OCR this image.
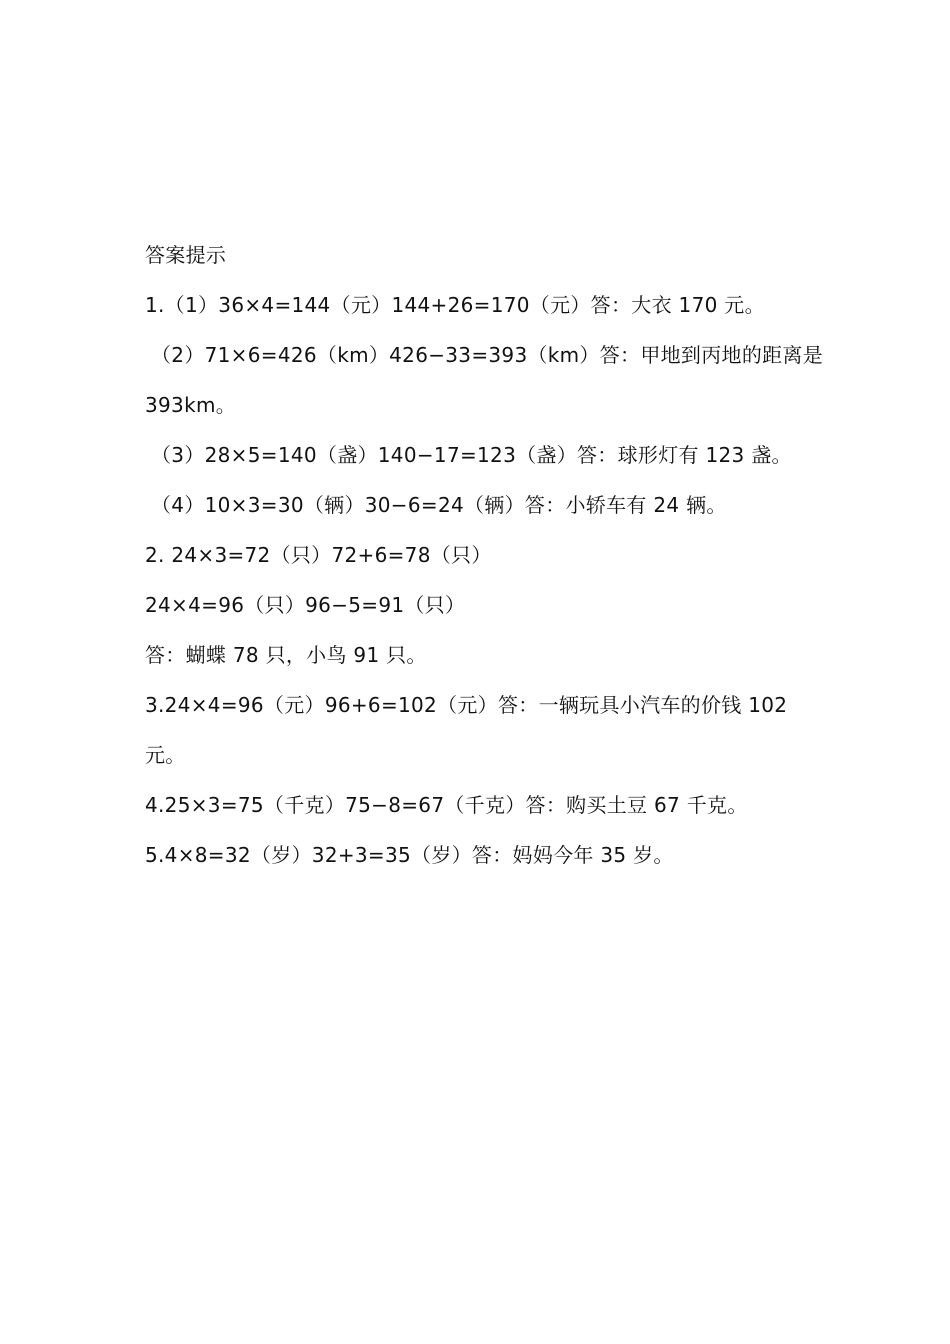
答案提示
1.（1）36×4=144（元）144+26=170（元）答：大衣 170 元。
（2）71×6=426（km）426−33=393（km）答：甲地到丙地的距离是
393km。
（3）28×5=140（盏）140−17=123（盏）答：球形灯有 123 盏。
（4）10×3=30（辆）30−6=24（辆）答：小轿车有 24 辆。
2. 24×3=72（只）72+6=78（只）
24×4=96（只）96−5=91（只）
答：蝴蝶 78 只，小鸟 91 只。
3.24×4=96（元）96+6=102（元）答：一辆玩具小汽车的价钱 102
元。
4.25×3=75（千克）75−8=67（千克）答：购买土豆 67 千克。
5.4×8=32（岁）32+3=35（岁）答：妈妈今年 35 岁。
